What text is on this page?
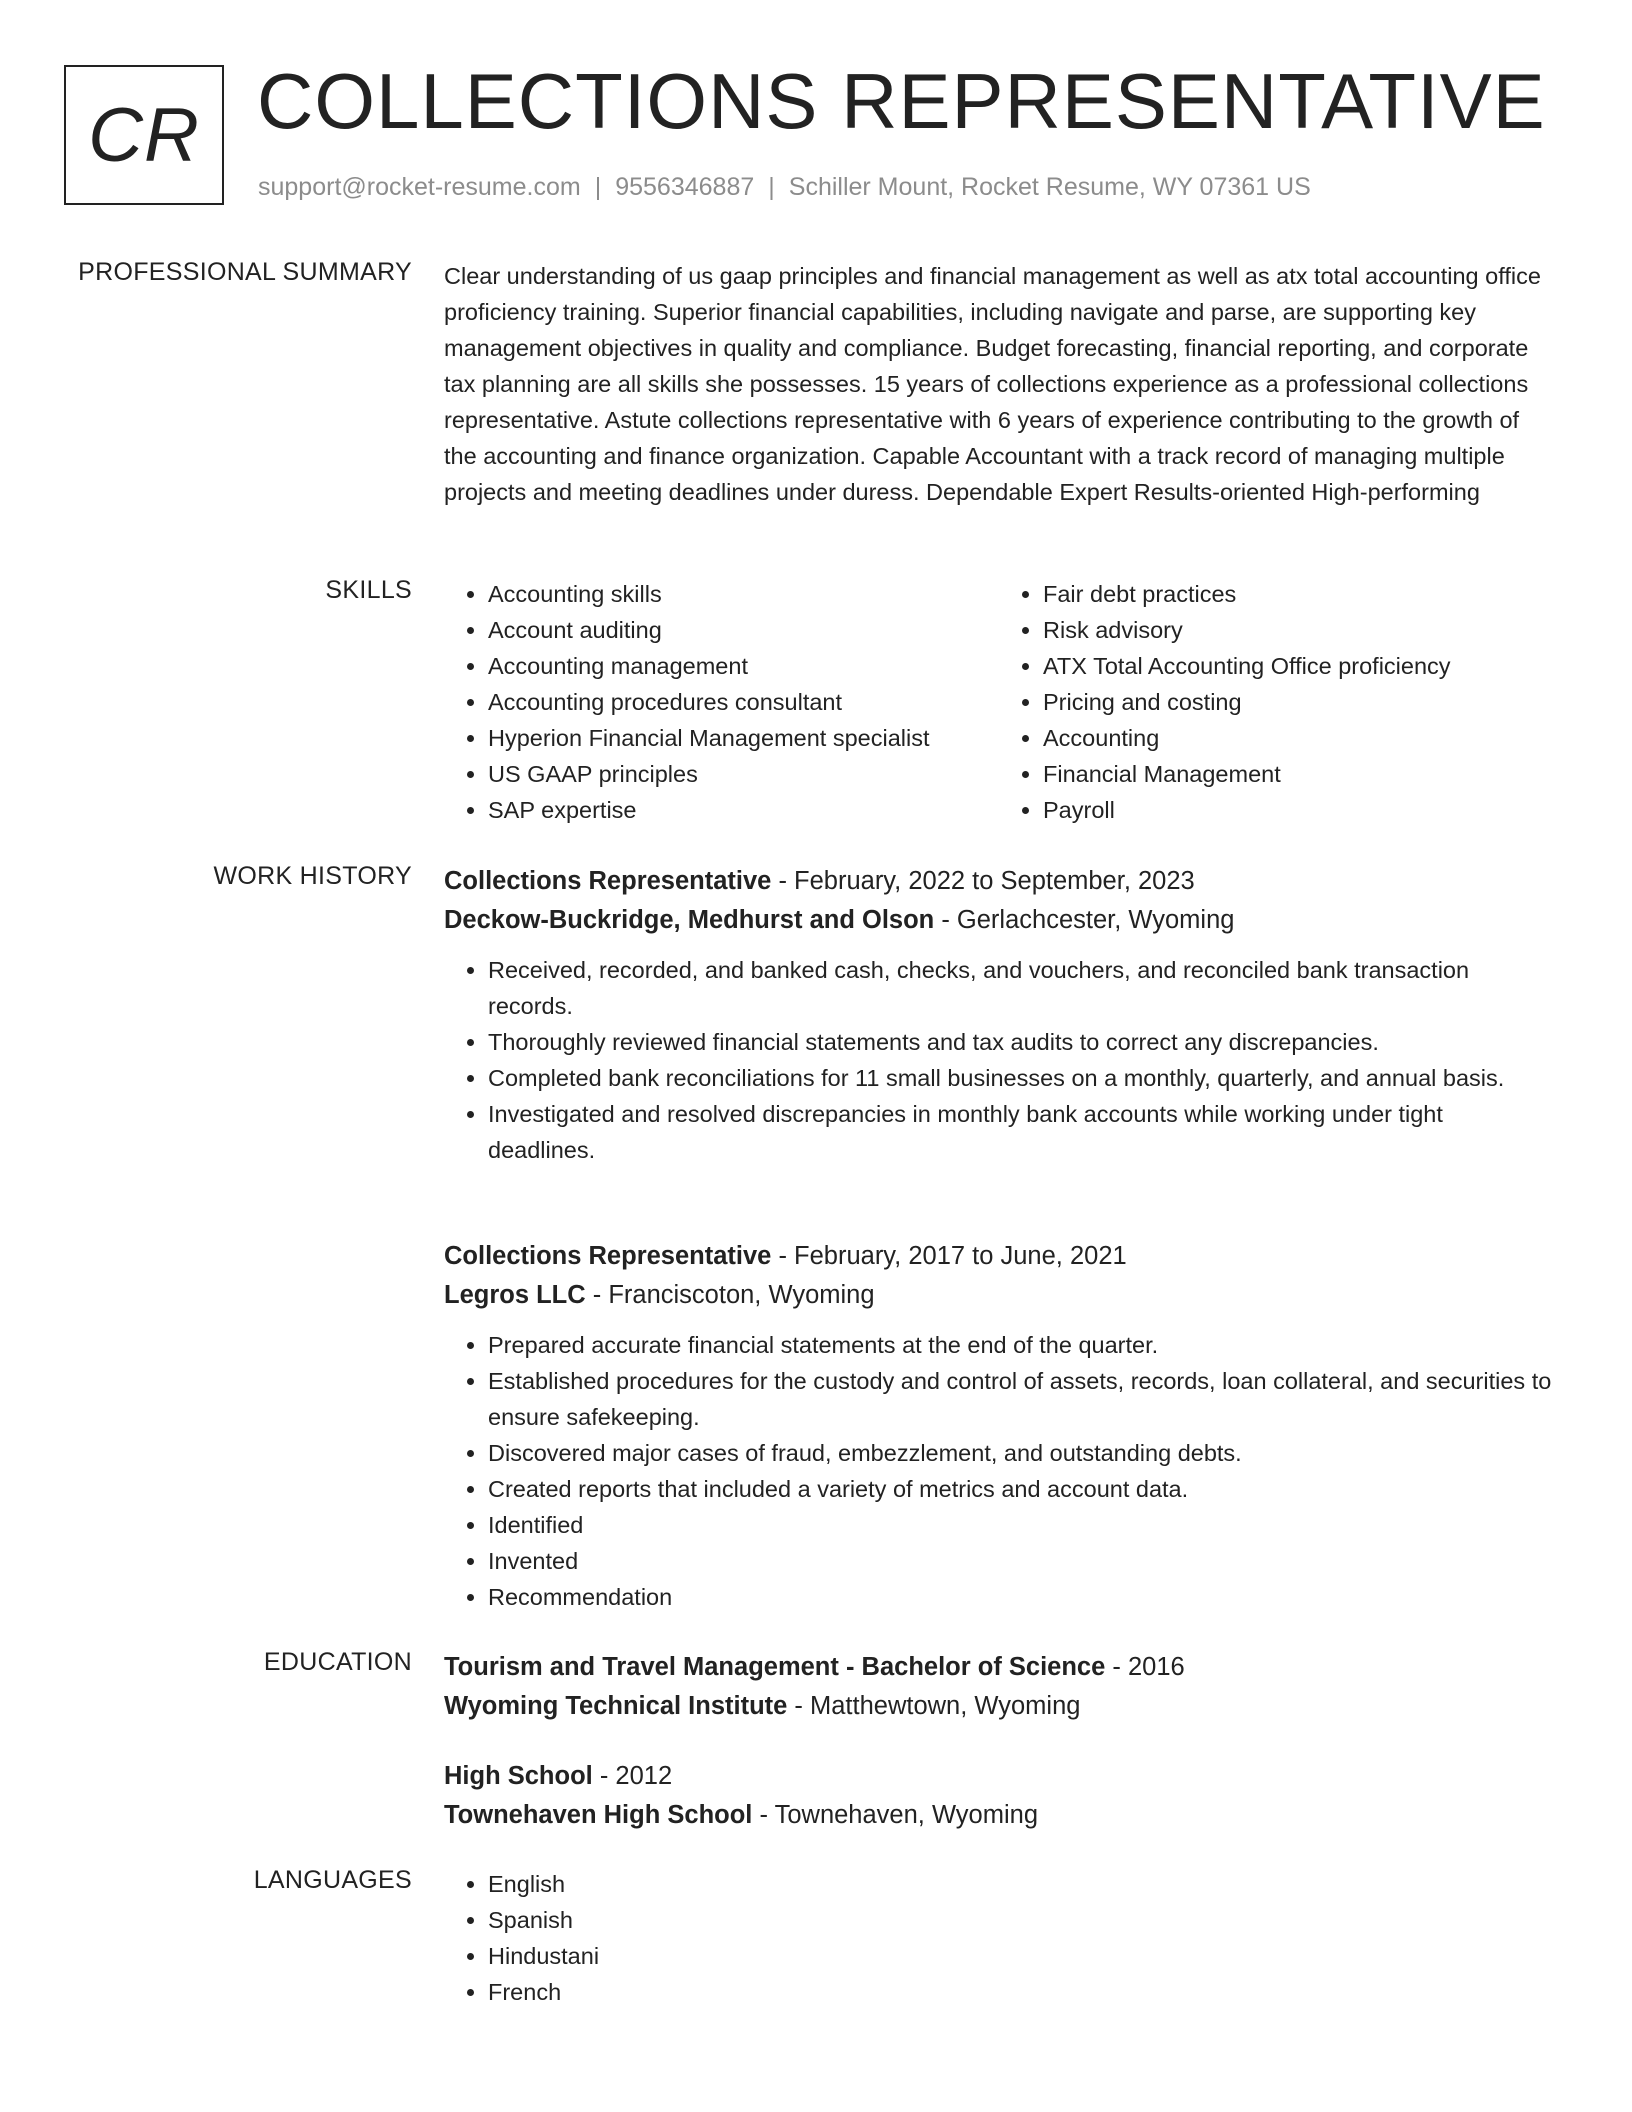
CR COLLECTIONS REPRESENTATIVE
support@rocket-resume.com | 9556346887 | Schiller Mount, Rocket Resume, WY 07361 US
PROFESSIONAL SUMMARY Clear understanding of us gaap principles and financial management as well as atx total accounting office proficiency training. Superior financial capabilities, including navigate and parse, are supporting key management objectives in quality and compliance. Budget forecasting, financial reporting, and corporate tax planning are all skills she possesses. 15 years of collections experience as a professional collections representative. Astute collections representative with 6 years of experience contributing to the growth of the accounting and finance organization. Capable Accountant with a track record of managing multiple projects and meeting deadlines under duress. Dependable Expert Results-oriented High-performing

SKILLS	• Accounting skills
• Account auditing
• Accounting management
• Accounting procedures consultant
• Hyperion Financial Management specialist
• US GAAP principles
• SAP expertise
• Fair debt practices
• Risk advisory
• ATX Total Accounting Office proficiency
• Pricing and costing
• Accounting
• Financial Management
• Payroll
WORK HISTORY Collections Representative - February, 2022 to September, 2023
Deckow-Buckridge, Medhurst and Olson - Gerlachcester, Wyoming
• Received, recorded, and banked cash, checks, and vouchers, and reconciled bank transaction records.
• Thoroughly reviewed financial statements and tax audits to correct any discrepancies.
• Completed bank reconciliations for 11 small businesses on a monthly, quarterly, and annual basis.
• Investigated and resolved discrepancies in monthly bank accounts while working under tight deadlines.
Collections Representative - February, 2017 to June, 2021
Legros LLC - Franciscoton, Wyoming
• Prepared accurate financial statements at the end of the quarter.
• Established procedures for the custody and control of assets, records, loan collateral, and securities to ensure safekeeping.
• Discovered major cases of fraud, embezzlement, and outstanding debts.
• Created reports that included a variety of metrics and account data.
• Identified
• Invented
• Recommendation
EDUCATION Tourism and Travel Management - Bachelor of Science - 2016
Wyoming Technical Institute - Matthewtown, Wyoming
High School - 2012
Townehaven High School - Townehaven, Wyoming
LANGUAGES	• English
• Spanish
• Hindustani
• French
